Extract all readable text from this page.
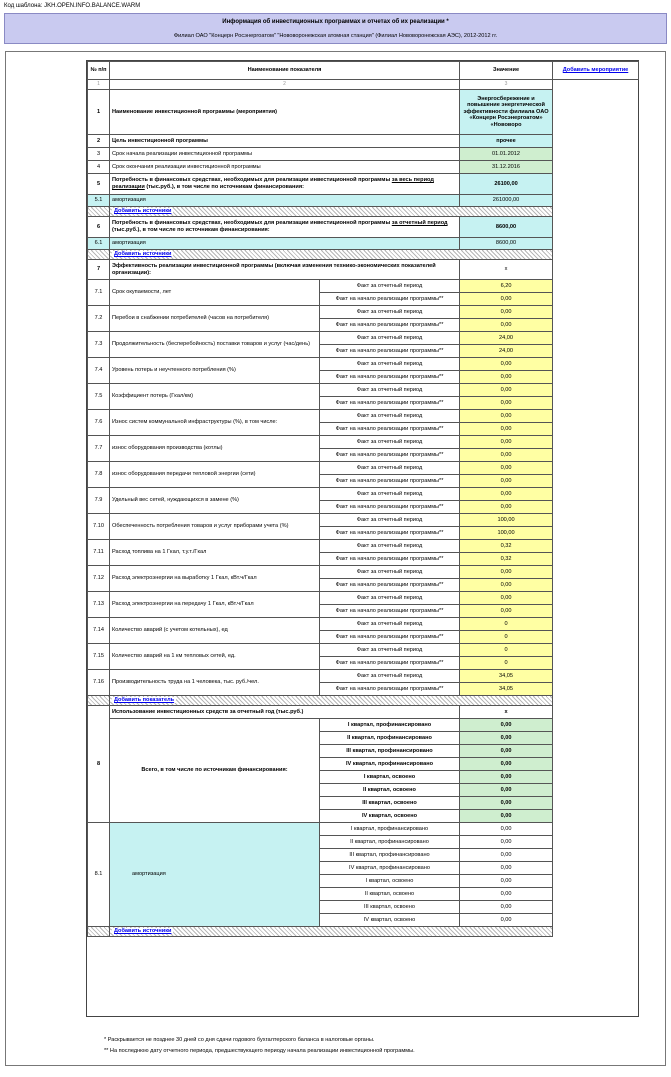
Код шаблона: JKH.OPEN.INFO.BALANCE.WARM
Информация об инвестиционных программах и отчетах об их реализации *
Филиал ОАО "Концерн Росэнергоатом" "Нововоронежская атомная станция" (Филиал Нововоронежская АЭС), 2012-2012 гг.
№ п/п	Наименование показателя		Значение	Добавить мероприятие
1	2		3	
1	Наименование инвестиционной программы (мероприятия)		Энергосбережение и повышение энергетической эффективности филиала ОАО «Концерн Росэнергоатом» «Нововоро	
2	Цель инвестиционной программы		прочее	
3	Срок начала реализации инвестиционной программы		01.01.2012	
4	Срок окончания реализации инвестиционной программы		31.12.2016	
5	Потребность в финансовых средствах, необходимых для реализации инвестиционной программы за весь период реализации (тыс.руб.), в том числе по источникам финансирования:		26100,00	
5.1	амортизация		261000,00	
	Добавить источники			
6	Потребность в финансовых средствах, необходимых для реализации инвестиционной программы за отчетный период (тыс.руб.), в том числе по источникам финансирования:		8600,00	
6.1	амортизация		8600,00	
	Добавить источники			
7	Эффективность реализации инвестиционной программы (включая изменения технико-экономических показателей организации):		х	
7.1	Срок окупаемости, лет	Факт за отчетный период	6,20	
		Факт на начало реализации программы**	0,00	
7.2	Перебои в снабжении потребителей (часов на потребителя)	Факт за отчетный период	0,00	
		Факт на начало реализации программы**	0,00	
7.3	Продолжительность (бесперебойность) поставки товаров и услуг (час/день)	Факт за отчетный период	24,00	
		Факт на начало реализации программы**	24,00	
7.4	Уровень потерь и неучтенного потребления (%)	Факт за отчетный период	0,00	
		Факт на начало реализации программы**	0,00	
7.5	Коэффициент потерь (Гкал/км)	Факт за отчетный период	0,00	
		Факт на начало реализации программы**	0,00	
7.6	Износ систем коммунальной инфраструктуры (%), в том числе:	Факт за отчетный период	0,00	
		Факт на начало реализации программы**	0,00	
7.7	износ оборудования производства (котлы)	Факт за отчетный период	0,00	
		Факт на начало реализации программы**	0,00	
7.8	износ оборудования передачи тепловой энергии (сети)	Факт за отчетный период	0,00	
		Факт на начало реализации программы**	0,00	
7.9	Удельный вес сетей, нуждающихся в замене (%)	Факт за отчетный период	0,00	
		Факт на начало реализации программы**	0,00	
7.10	Обеспеченность потребления товаров и услуг приборами учета (%)	Факт за отчетный период	100,00	
		Факт на начало реализации программы**	100,00	
7.11	Расход топлива на 1 Гкал, т.у.т./Гкал	Факт за отчетный период	0,32	
		Факт на начало реализации программы**	0,32	
7.12	Расход электроэнергии на выработку 1 Гкал, кВт.ч/Гкал	Факт за отчетный период	0,00	
		Факт на начало реализации программы**	0,00	
7.13	Расход электроэнергии на передачу 1 Гкал, кВт.ч/Гкал	Факт за отчетный период	0,00	
		Факт на начало реализации программы**	0,00	
7.14	Количество аварий (с учетом котельных), ед	Факт за отчетный период	0	
		Факт на начало реализации программы**	0	
7.15	Количество аварий на 1 км тепловых сетей, ед.	Факт за отчетный период	0	
		Факт на начало реализации программы**	0	
7.16	Производительность труда на 1 человека, тыс. руб./чел.	Факт за отчетный период	34,05	
		Факт на начало реализации программы**	34,05	
	Добавить показатель			
8	Использование инвестиционных средств за отчетный год (тыс.руб.)		х	
	Всего, в том числе по источникам финансирования:	I квартал, профинансировано	0,00	
		II квартал, профинансировано	0,00	
		III квартал, профинансировано	0,00	
		IV квартал, профинансировано	0,00	
		I квартал, освоено	0,00	
		II квартал, освоено	0,00	
		III квартал, освоено	0,00	
		IV квартал, освоено	0,00	
8.1	амортизация	I квартал, профинансировано	0,00	
		II квартал, профинансировано	0,00	
		III квартал, профинансировано	0,00	
		IV квартал, профинансировано	0,00	
		I квартал, освоено	0,00	
		II квартал, освоено	0,00	
		III квартал, освоено	0,00	
		IV квартал, освоено	0,00	
	Добавить источники			
* Раскрывается не позднее 30 дней со дня сдачи годового бухгалтерского баланса в налоговые органы.
** На последнюю дату отчетного периода, предшествующего периоду начала реализации инвестиционной программы.
